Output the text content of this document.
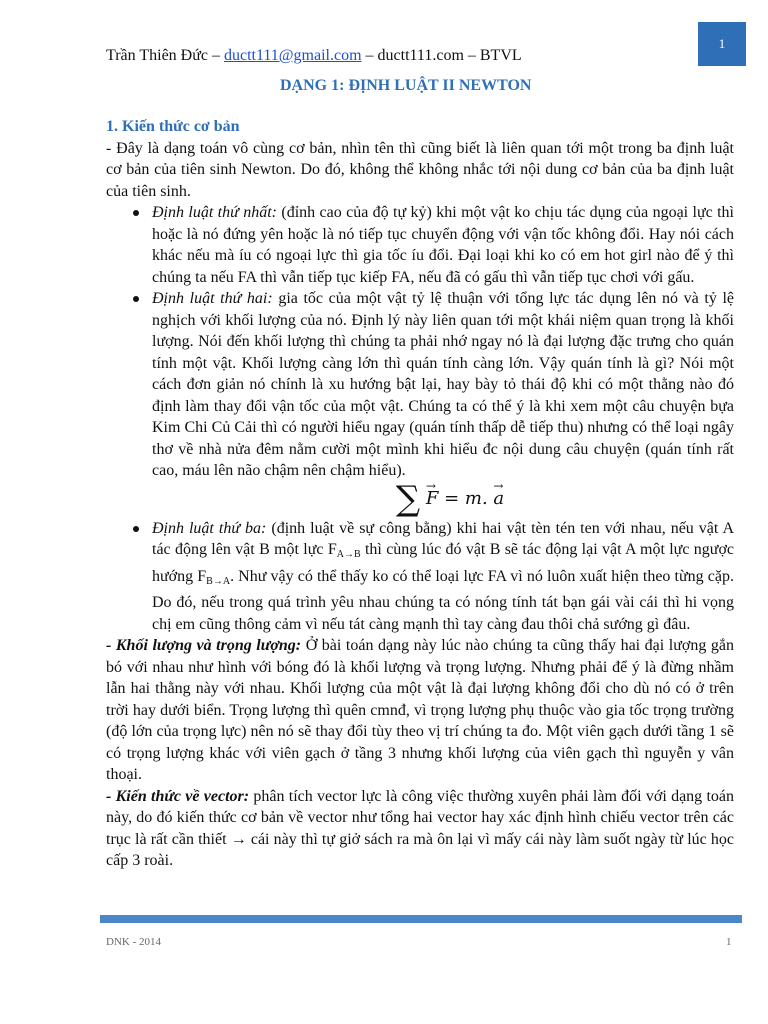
1
Trần Thiên Đức – ductt111@gmail.com – ductt111.com – BTVL
DẠNG 1: ĐỊNH LUẬT II NEWTON
1. Kiến thức cơ bản
- Đây là dạng toán vô cùng cơ bản, nhìn tên thì cũng biết là liên quan tới một trong ba định luật cơ bản của tiên sinh Newton. Do đó, không thể không nhắc tới nội dung cơ bản của ba định luật của tiên sinh.
Định luật thứ nhất: (đỉnh cao của độ tự kỷ) khi một vật ko chịu tác dụng của ngoại lực thì hoặc là nó đứng yên hoặc là nó tiếp tục chuyển động với vận tốc không đổi. Hay nói cách khác nếu mà íu có ngoại lực thì gia tốc íu đổi. Đại loại khi ko có em hot girl nào để ý thì chúng ta nếu FA thì vẫn tiếp tục kiếp FA, nếu đã có gấu thì vẫn tiếp tục chơi với gấu.
Định luật thứ hai: gia tốc của một vật tỷ lệ thuận với tổng lực tác dụng lên nó và tỷ lệ nghịch với khối lượng của nó. Định lý này liên quan tới một khái niệm quan trọng là khối lượng. Nói đến khối lượng thì chúng ta phải nhớ ngay nó là đại lượng đặc trưng cho quán tính một vật. Khối lượng càng lớn thì quán tính càng lớn. Vậy quán tính là gì? Nói một cách đơn giản nó chính là xu hướng bật lại, hay bày tỏ thái độ khi có một thằng nào đó định làm thay đổi vận tốc của một vật. Chúng ta có thể ý là khi xem một câu chuyện bựa Kim Chi Củ Cải thì có người hiểu ngay (quán tính thấp dễ tiếp thu) nhưng có thể loại ngây thơ về nhà nửa đêm nằm cười một mình khi hiểu đc nội dung câu chuyện (quán tính rất cao, máu lên não chậm nên chậm hiểu).
∑ → F = m. → a
Định luật thứ ba: (định luật về sự công bằng) khi hai vật tèn tén ten với nhau, nếu vật A tác động lên vật B một lực $F_{A\to B}$ thì cùng lúc đó vật B sẽ tác động lại vật A một lực ngược hướng $F_{B\to A}$. Như vậy có thể thấy ko có thể loại lực FA vì nó luôn xuất hiện theo từng cặp. Do đó, nếu trong quá trình yêu nhau chúng ta có nóng tính tát bạn gái vài cái thì hi vọng chị em cũng thông cảm vì nếu tát càng mạnh thì tay càng đau thôi chả sướng gì đâu.
- Khối lượng và trọng lượng: Ở bài toán dạng này lúc nào chúng ta cũng thấy hai đại lượng gắn bó với nhau như hình với bóng đó là khối lượng và trọng lượng. Nhưng phải để ý là đừng nhầm lẫn hai thằng này với nhau. Khối lượng của một vật là đại lượng không đổi cho dù nó có ở trên trời hay dưới biển. Trọng lượng thì quên cmnđ, vì trọng lượng phụ thuộc vào gia tốc trọng trường (độ lớn của trọng lực) nên nó sẽ thay đổi tùy theo vị trí chúng ta đo. Một viên gạch dưới tầng 1 sẽ có trọng lượng khác với viên gạch ở tầng 3 nhưng khối lượng của viên gạch thì nguyễn y vân thoại.
- Kiến thức về vector: phân tích vector lực là công việc thường xuyên phải làm đối với dạng toán này, do đó kiến thức cơ bản về vector như tổng hai vector hay xác định hình chiếu vector trên các trục là rất cần thiết → cái này thì tự giở sách ra mà ôn lại vì mấy cái này làm suốt ngày từ lúc học cấp 3 roài.
DNK - 2014	1
